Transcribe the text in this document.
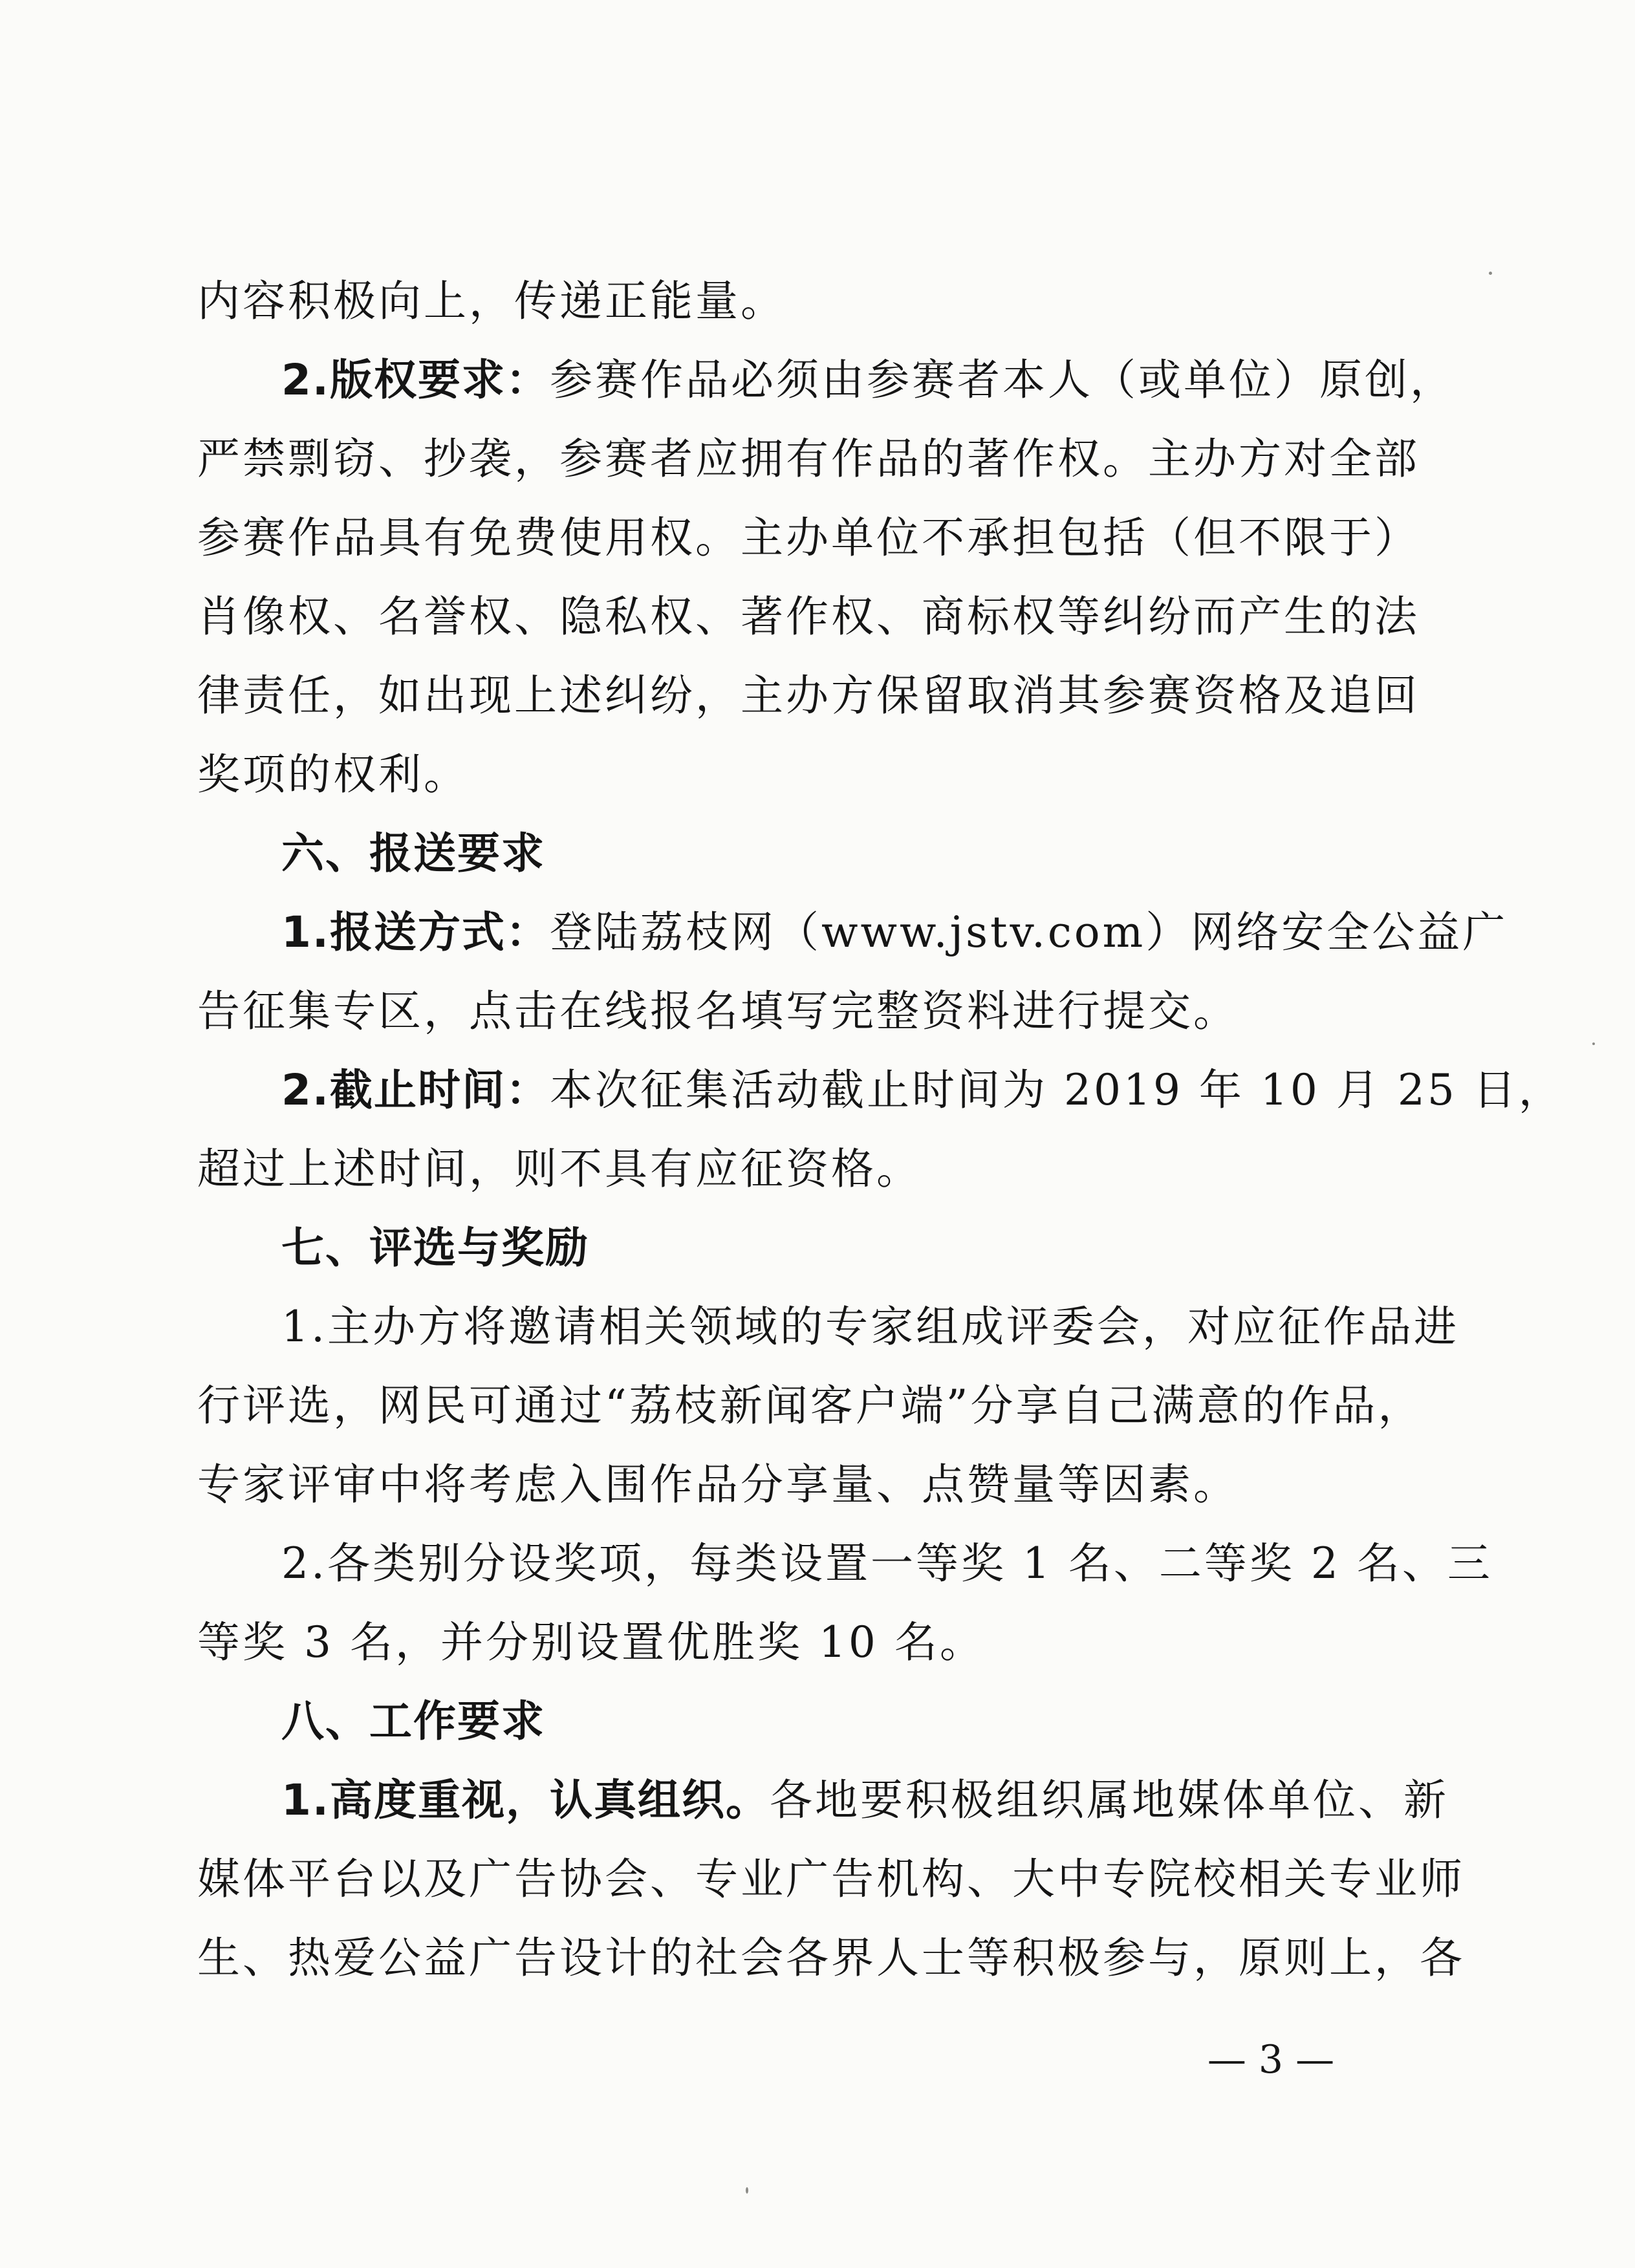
内容积极向上，传递正能量。
2.版权要求：参赛作品必须由参赛者本人（或单位）原创，
严禁剽窃、抄袭，参赛者应拥有作品的著作权。主办方对全部
参赛作品具有免费使用权。主办单位不承担包括（但不限于）
肖像权、名誉权、隐私权、著作权、商标权等纠纷而产生的法
律责任，如出现上述纠纷，主办方保留取消其参赛资格及追回
奖项的权利。
六、报送要求
1.报送方式：登陆荔枝网（www.jstv.com）网络安全公益广
告征集专区，点击在线报名填写完整资料进行提交。
2.截止时间：本次征集活动截止时间为 2019 年 10 月 25 日，
超过上述时间，则不具有应征资格。
七、评选与奖励
1.主办方将邀请相关领域的专家组成评委会，对应征作品进
行评选，网民可通过“荔枝新闻客户端”分享自己满意的作品，
专家评审中将考虑入围作品分享量、点赞量等因素。
2.各类别分设奖项，每类设置一等奖 1 名、二等奖 2 名、三
等奖 3 名，并分别设置优胜奖 10 名。
八、工作要求
1.高度重视，认真组织。各地要积极组织属地媒体单位、新
媒体平台以及广告协会、专业广告机构、大中专院校相关专业师
生、热爱公益广告设计的社会各界人士等积极参与，原则上，各
— 3 —
